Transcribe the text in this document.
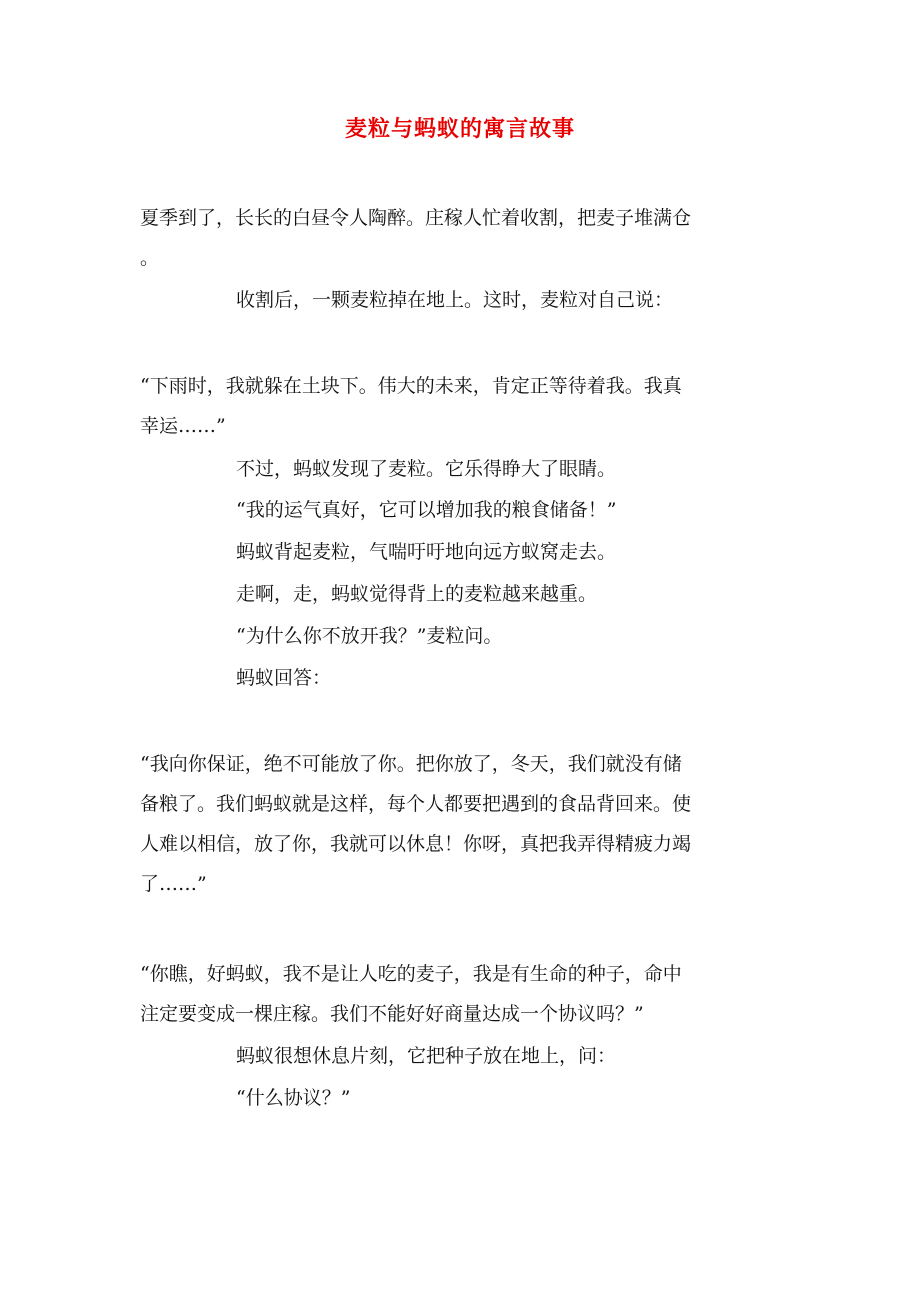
麦粒与蚂蚁的寓言故事
夏季到了，长长的白昼令人陶醉。庄稼人忙着收割，把麦子堆满仓
。
收割后，一颗麦粒掉在地上。这时，麦粒对自己说：
“下雨时，我就躲在土块下。伟大的未来，肯定正等待着我。我真
幸运……”
不过，蚂蚁发现了麦粒。它乐得睁大了眼睛。
“我的运气真好，它可以增加我的粮食储备！”
蚂蚁背起麦粒，气喘吁吁地向远方蚁窝走去。
走啊，走，蚂蚁觉得背上的麦粒越来越重。
“为什么你不放开我？”麦粒问。
蚂蚁回答：
“我向你保证，绝不可能放了你。把你放了，冬天，我们就没有储
备粮了。我们蚂蚁就是这样，每个人都要把遇到的食品背回来。使
人难以相信，放了你，我就可以休息！你呀，真把我弄得精疲力竭
了……”
“你瞧，好蚂蚁，我不是让人吃的麦子，我是有生命的种子，命中
注定要变成一棵庄稼。我们不能好好商量达成一个协议吗？”
蚂蚁很想休息片刻，它把种子放在地上，问：
“什么协议？”
